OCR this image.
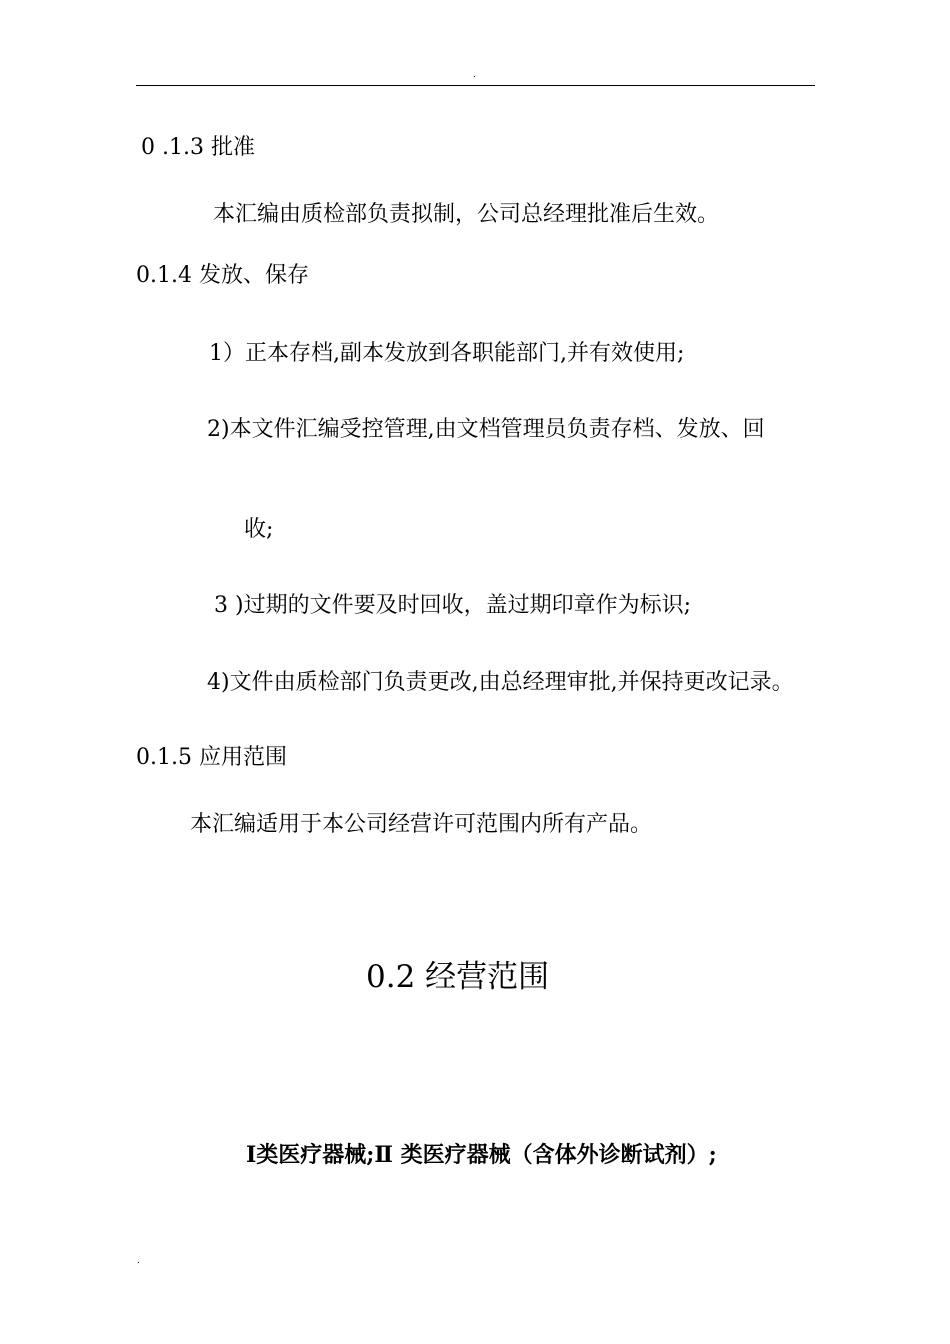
.
0 .1.3 批准
本汇编由质检部负责拟制，公司总经理批准后生效。
0.1.4 发放、保存
1）正本存档,副本发放到各职能部门,并有效使用;
2)本文件汇编受控管理,由文档管理员负责存档、发放、回
收;
3 )过期的文件要及时回收，盖过期印章作为标识;
4)文件由质检部门负责更改,由总经理审批,并保持更改记录。
0.1.5 应用范围
本汇编适用于本公司经营许可范围内所有产品。
0.2 经营范围
I类医疗器械;Ⅱ 类医疗器械（含体外诊断试剂）;
.
